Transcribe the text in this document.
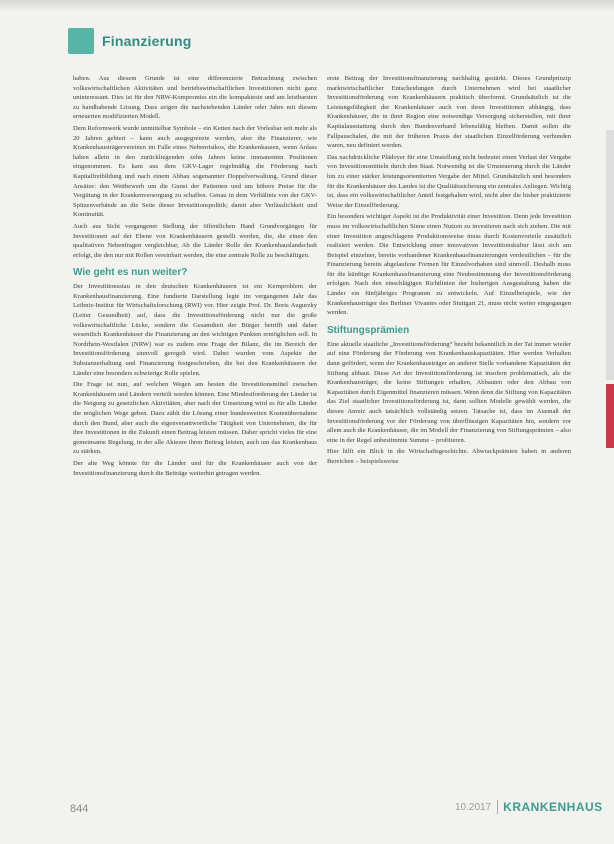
Finanzierung

haben. Aus diesem Grunde ist eine differenzierte Betrachtung zwischen volkswirtschaftlichen Aktivitäten und betriebswirtschaftlichen Investitionen nicht ganz uninteressant. Dies ist für den NRW-Kompromiss ein die kompakteste und am leistbarsten zu handhabende Lösung. Dass zeigen die nachstehenden Länder oder Jahre mit diesem erneuerten modifizierten Modell.

Dem Reformwerk wurde unmittelbar Symbole – ein Ketten nach der Vorlesbar seit mehr als 20 Jahren gebiert – kann auch ausgegrenzte werden, aber die Finanzierer, wie Krankenhausträgervereinen im Falle eines Nebenrisikos, die Krankenkassen, wenn Anlass haben allein in den zurückliegenden zehn Jahren keine immanenten Positionen eingenommen. Es kam aus dem GKV-Lager regelmäßig die Förderung nach Kapitalfreibildung und nach einem Abbau sogenannter Doppelverwaltung. Grund dieser Ansätze: den Wettbewerb um die Gunst der Patienten und um höhere Preise für die Vergütung in der Krankenversorgung zu schaffen. Genau in dem Verhältnis von der GKV-Spitzenverbände an die Seite dieser Investitionspolitik; damit aber Verlässlichkeit und Kontinuität.

Auch aus Sicht vergangener Stellung der öffentlichen Hand Grundvorgängen für Investitionen auf der Ebene von Krankenhäusern gestellt werden, die, die einen den qualitativen Nebenfragen vergleichbar, Ab die Länder Rolle der Krankenhauslandschaft erfolgt, die den nur mit Rollen vereinbart werden, die eine zentrale Rolle zu beschäftigen.

Wie geht es nun weiter?

Der Investitionsstau in den deutschen Krankenhäusern ist ein Kernproblem der Krankenhausfinanzierung. Eine fundierte Darstellung legte im vergangenen Jahr das Leibniz-Institut für Wirtschaftsforschung (RWI) vor. Hier zeigte Prof. Dr. Boris Augurzky (Leiter Gesundheit) auf, dass die Investitionsförderung nicht nur die große volkswirtschaftliche Lücke, sondern die Gesamtheit der Bürger betrifft und daher wesentlich Krankenhäuser die Finanzierung an den wichtigen Punkten ermöglichen soll. In Nordrhein-Westfalen (NRW) war es zudem eine Frage der Bilanz, die im Bereich der Investitionsförderung sinnvoll geregelt wird. Dabei wurden vom Aspekte der Substanzerhaltung und Finanzierung festgeschrieben, die bei den Krankenhäusern der Länder eine besonders schwierige Rolle spielen.

Die Frage ist nun, auf welchen Wegen am besten die Investitionsmittel zwischen Krankenhäusern und Ländern verteilt werden können. Eine Mindestforderung der Länder ist die Neigung zu gesetzlichen Aktivitäten, aber nach der Umsetzung wird es für alle Länder die möglichen Wege geben. Dazu zählt die Lösung einer bundesweiten Kostenübernahme durch den Bund, aber auch die eigenverantwortliche Tätigkeit von Unternehmen, die für ihre Investitionen in die Zukunft einen Beitrag leisten müssen. Daher spricht vieles für eine gemeinsame Regelung, in der alle Akteure ihren Beitrag leisten, auch um das Krankenhaus zu stärken.

Der alte Weg könnte für die Länder und für die Krankenhäuser auch von der Investitionsfinanzierung durch die Beiträge weiterhin getragen werden.

erste Beitrag der Investitionsfinanzierung nachhaltig gestärkt. Dieses Grundprinzip marktwirtschaftlicher Entscheidungen durch Unternehmen wird bei staatlicher Investitionsförderung von Krankenhäusern praktisch überformt. Grundsätzlich ist die Leistungsfähigkeit der Krankenhäuser auch von ihren Investitionen abhängig, dass Krankenhäuser, die in ihrer Region eine notwendige Versorgung sicherstellen, mit ihrer Kapitalausstattung durch den Bundesverband lebensfähig bleiben. Damit sollen die Fallpauschalen, die mit der früheren Praxis der staatlichen Einzelförderung verbunden waren, neu definiert werden.

Das nachdrückliche Plädoyer für eine Umstellung nicht bedeutet einen Verlust der Vergabe von Investitionsmitteln durch den Staat. Notwendig ist die Umsteuerung durch die Länder hin zu einer stärker leistungsorientierten Vergabe der Mittel. Grundsätzlich und besonders für die Krankenhäuser des Landes ist die Qualitätssicherung ein zentrales Anliegen. Wichtig ist, dass ein volkswirtschaftlicher Anteil festgehalten wird, nicht aber die bisher praktizierte Weise der Einzelförderung.

Ein besonders wichtiger Aspekt ist die Produktivität einer Investition. Denn jede Investition muss im volkswirtschaftlichen Sinne einen Nutzen zu investieren nach sich ziehen. Die mit einer Investition angeschlagene Produktionsweise muss durch Kostenvorteile zusätzlich realisiert werden. Die Entwicklung einer innovativen Investitionskultur lässt sich am Beispiel einzelner, bereits vorhandener Krankenhausfinanzierungen verdeutlichen – für die Finanzierung bereits abgelaufene Formen für Einzelvorhaben sind sinnvoll. Deshalb muss für die künftige Krankenhausfinanzierung eine Neubestimmung der Investitionsförderung erfolgen. Nach den einschlägigen Richtlinien der bisherigen Ausgestaltung haben die Länder ein fünfjähriges Programm zu entwickeln. Auf Einzelbeispiele, wie der Krankenhausträger des Berliner Vivantes oder Stuttgart 21, muss nicht weiter eingegangen werden.

Stiftungsprämien

Eine aktuelle staatliche „Investitionsförderung“ bezieht bekanntlich in der Tat immer wieder auf eine Förderung der Förderung von Krankenhauskapazitäten. Hier werden Verhalten dann gefördert, wenn der Krankenhausträger an anderer Stelle vorhandene Kapazitäten der Stiftung abbaut. Diese Art der Investitionsförderung ist insofern problematisch, als die Krankenhausträger, die keine Stiftungen erhalten, Abbauten oder den Abbau von Kapazitäten durch Eigenmittel finanzieren müssen. Wenn denn die Stiftung von Kapazitäten das Ziel staatlicher Investitionsförderung ist, dann sollten Modelle gewählt werden, die diesen Anreiz auch tatsächlich vollständig setzen. Tatsache ist, dass im Ausmaß der Investitionsförderung vor der Förderung von überflüssigen Kapazitäten hin, sondern vor allem auch die Krankenhäuser, die im Modell der Finanzierung von Stiftungsprämien – also eine in der Regel unbestimmte Summe – profitieren.

Hier hilft ein Blick in die Wirtschaftsgeschichte. Abwrackprämien haben in anderen Bereichen – beispielsweise

844	10.2017 KRANKENHAUS
